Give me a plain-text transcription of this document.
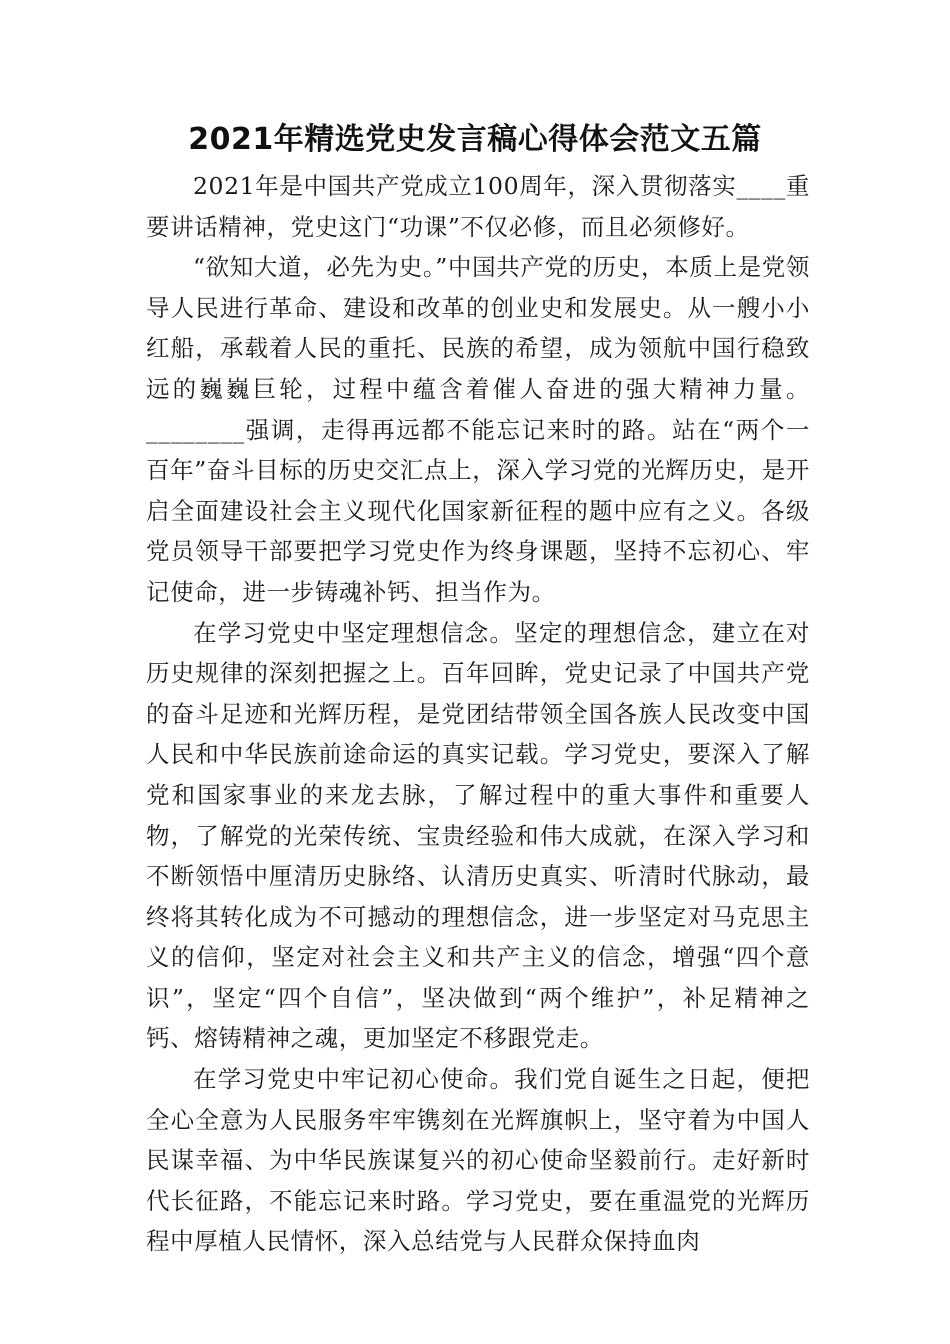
2021年精选党史发言稿心得体会范文五篇

2021年是中国共产党成立100周年，深入贯彻落实____重要讲话精神，党史这门“功课”不仅必修，而且必须修好。

“欲知大道，必先为史。”中国共产党的历史，本质上是党领导人民进行革命、建设和改革的创业史和发展史。从一艘小小红船，承载着人民的重托、民族的希望，成为领航中国行稳致远的巍巍巨轮，过程中蕴含着催人奋进的强大精神力量。________强调，走得再远都不能忘记来时的路。站在“两个一百年”奋斗目标的历史交汇点上，深入学习党的光辉历史，是开启全面建设社会主义现代化国家新征程的题中应有之义。各级党员领导干部要把学习党史作为终身课题，坚持不忘初心、牢记使命，进一步铸魂补钙、担当作为。

在学习党史中坚定理想信念。坚定的理想信念，建立在对历史规律的深刻把握之上。百年回眸，党史记录了中国共产党的奋斗足迹和光辉历程，是党团结带领全国各族人民改变中国人民和中华民族前途命运的真实记载。学习党史，要深入了解党和国家事业的来龙去脉，了解过程中的重大事件和重要人物，了解党的光荣传统、宝贵经验和伟大成就，在深入学习和不断领悟中厘清历史脉络、认清历史真实、听清时代脉动，最终将其转化成为不可撼动的理想信念，进一步坚定对马克思主义的信仰，坚定对社会主义和共产主义的信念，增强“四个意识”，坚定“四个自信”，坚决做到“两个维护”，补足精神之钙、熔铸精神之魂，更加坚定不移跟党走。

在学习党史中牢记初心使命。我们党自诞生之日起，便把全心全意为人民服务牢牢镌刻在光辉旗帜上，坚守着为中国人民谋幸福、为中华民族谋复兴的初心使命坚毅前行。走好新时代长征路，不能忘记来时路。学习党史，要在重温党的光辉历程中厚植人民情怀，深入总结党与人民群众保持血肉
